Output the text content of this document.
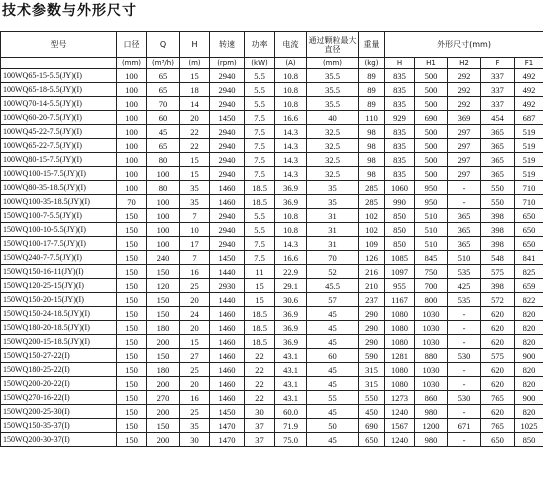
技术参数与外形尺寸
型号	口径	Q	H	转速	功率	电流	通过颗粒最大直径	重量	外形尺寸(mm)				
	(mm)	(m³/h)	(m)	(rpm)	(kW)	(A)	(mm)	(kg)	H	H1	H2	F	F1
100WQ65-15-5.5(JY)(I)	100	65	15	2940	5.5	10.8	35.5	89	835	500	292	337	492
100WQ65-18-5.5(JY)(I)	100	65	18	2940	5.5	10.8	35.5	89	835	500	292	337	492
100WQ70-14-5.5(JY)(I)	100	70	14	2940	5.5	10.8	35.5	89	835	500	292	337	492
100WQ60-20-7.5(JY)(I)	100	60	20	1450	7.5	16.6	40	110	929	690	369	454	687
100WQ45-22-7.5(JY)(I)	100	45	22	2940	7.5	14.3	32.5	98	835	500	297	365	519
100WQ65-22-7.5(JY)(I)	100	65	22	2940	7.5	14.3	32.5	98	835	500	297	365	519
100WQ80-15-7.5(JY)(I)	100	80	15	2940	7.5	14.3	32.5	98	835	500	297	365	519
100WQ100-15-7.5(JY)(I)	100	100	15	2940	7.5	14.3	32.5	98	835	500	297	365	519
100WQ80-35-18.5(JY)(I)	100	80	35	1460	18.5	36.9	35	285	1060	950	-	550	710
100WQ100-35-18.5(JY)(I)	70	100	35	1460	18.5	36.9	35	285	990	950	-	550	710
150WQ100-7-5.5(JY)(I)	150	100	7	2940	5.5	10.8	31	102	850	510	365	398	650
150WQ100-10-5.5(JY)(I)	150	100	10	2940	5.5	10.8	31	102	850	510	365	398	650
150WQ100-17-7.5(JY)(I)	150	100	17	2940	7.5	14.3	31	109	850	510	365	398	650
150WQ240-7-7.5(JY)(I)	150	240	7	1450	7.5	16.6	70	126	1085	845	510	548	841
150WQ150-16-11(JY)(I)	150	150	16	1440	11	22.9	52	216	1097	750	535	575	825
150WQ120-25-15(JY)(I)	150	120	25	2930	15	29.1	45.5	210	955	700	425	398	659
150WQ150-20-15(JY)(I)	150	150	20	1440	15	30.6	57	237	1167	800	535	572	822
150WQ150-24-18.5(JY)(I)	150	150	24	1460	18.5	36.9	45	290	1080	1030	-	620	820
150WQ180-20-18.5(JY)(I)	150	180	20	1460	18.5	36.9	45	290	1080	1030	-	620	820
150WQ200-15-18.5(JY)(I)	150	200	15	1460	18.5	36.9	45	290	1080	1030	-	620	820
150WQ150-27-22(I)	150	150	27	1460	22	43.1	60	590	1281	880	530	575	900
150WQ180-25-22(I)	150	180	25	1460	22	43.1	45	315	1080	1030	-	620	820
150WQ200-20-22(I)	150	200	20	1460	22	43.1	45	315	1080	1030	-	620	820
150WQ270-16-22(I)	150	270	16	1460	22	43.1	55	550	1273	860	530	765	900
150WQ200-25-30(I)	150	200	25	1450	30	60.0	45	450	1240	980	-	620	820
150WQ150-35-37(I)	150	150	35	1470	37	71.9	50	690	1567	1200	671	765	1025
150WQ200-30-37(I)	150	200	30	1470	37	75.0	45	650	1240	980	-	650	850
